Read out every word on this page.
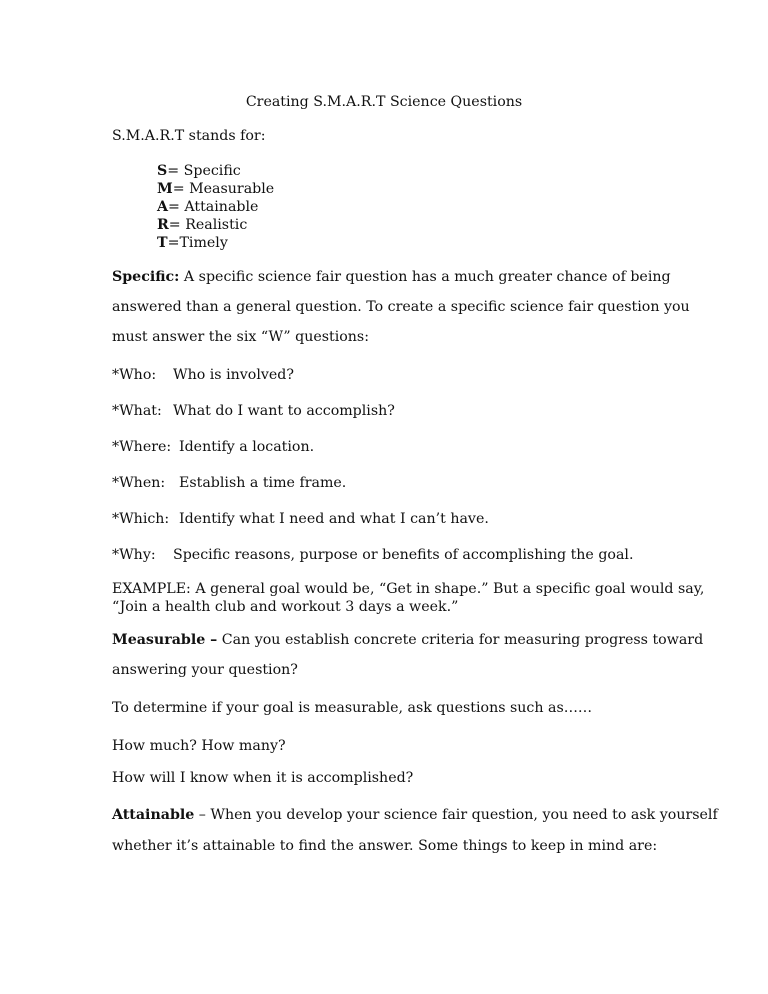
Creating S.M.A.R.T Science Questions
S.M.A.R.T stands for:
S= Specific
M= Measurable
A= Attainable
R= Realistic
T=Timely
Specific: A specific science fair question has a much greater chance of being
answered than a general question. To create a specific science fair question you
must answer the six “W” questions:
*Who: Who is involved?
*What: What do I want to accomplish?
*Where: Identify a location.
*When: Establish a time frame.
*Which: Identify what I need and what I can’t have.
*Why: Specific reasons, purpose or benefits of accomplishing the goal.
EXAMPLE: A general goal would be, “Get in shape.” But a specific goal would say,
“Join a health club and workout 3 days a week.”
Measurable – Can you establish concrete criteria for measuring progress toward
answering your question?
To determine if your goal is measurable, ask questions such as……
How much? How many?
How will I know when it is accomplished?
Attainable – When you develop your science fair question, you need to ask yourself
whether it’s attainable to find the answer. Some things to keep in mind are:
